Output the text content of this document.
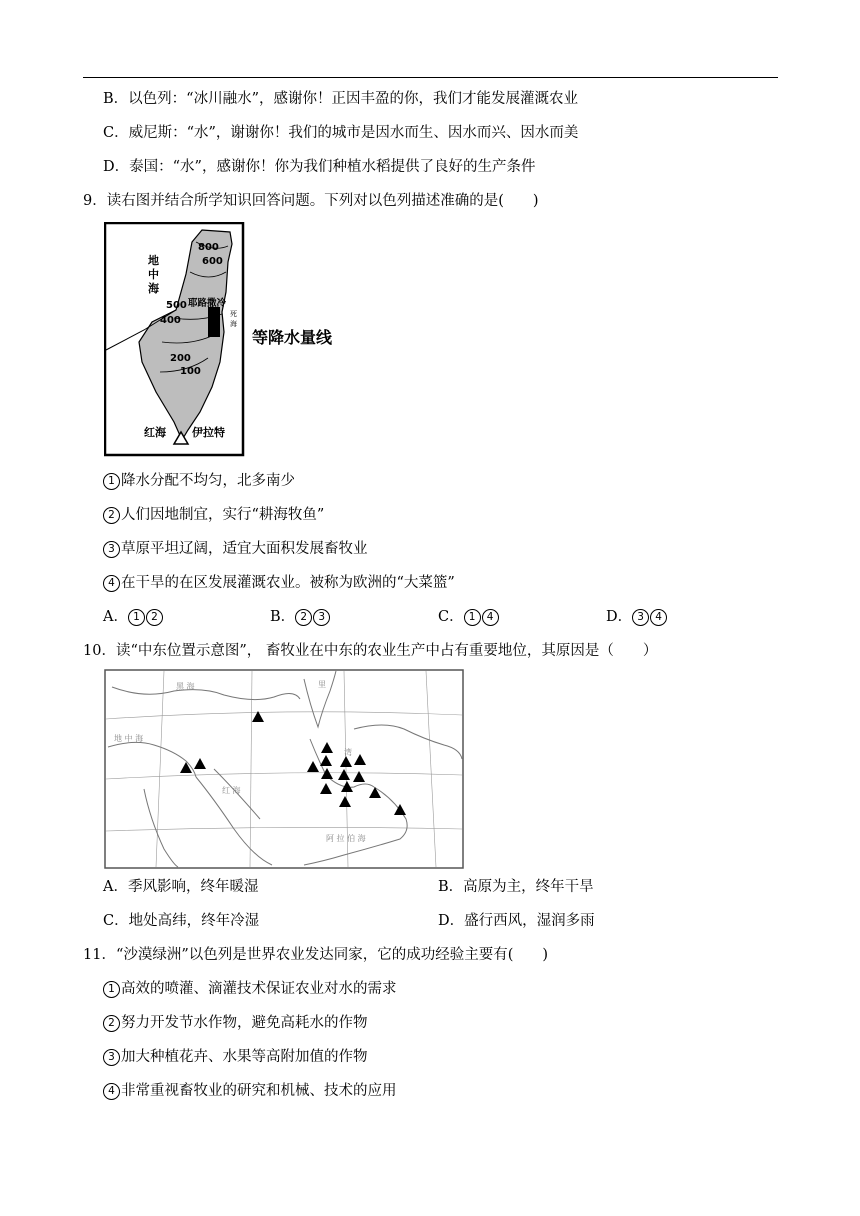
B．以色列：“冰川融水”，感谢你！正因丰盈的你，我们才能发展灌溉农业
C．威尼斯：“水”，谢谢你！我们的城市是因水而生、因水而兴、因水而美
D．泰国：“水”，感谢你！你为我们种植水稻提供了良好的生产条件
9．读右图并结合所学知识回答问题。下列对以色列描述准确的是(　　)
地
中
海
800
600
500
400
200
100
耶路撒冷
死
海
红海 伊拉特
等降水量线
1 降水分配不均匀，北多南少
2 人们因地制宜，实行“耕海牧鱼”
3 草原平坦辽阔，适宜大面积发展畜牧业
4 在干旱的在区发展灌溉农业。被称为欧洲的“大菜篮”
A． 1 2	B． 2 3	C． 1 4	D． 3 4
10．读“中东位置示意图”， 畜牧业在中东的农业生产中占有重要地位，其原因是（　　）
黑 海	里
地 中 海
红 海
阿 拉 伯 海
湾
A．季风影响，终年暖湿	B．高原为主，终年干旱
C．地处高纬，终年冷湿	D．盛行西风，湿润多雨
11．“沙漠绿洲”以色列是世界农业发达同家，它的成功经验主要有(　　)
1 高效的喷灌、滴灌技术保证农业对水的需求
2 努力开发节水作物，避免高耗水的作物
3 加大种植花卉、水果等高附加值的作物
4 非常重视畜牧业的研究和机械、技术的应用
